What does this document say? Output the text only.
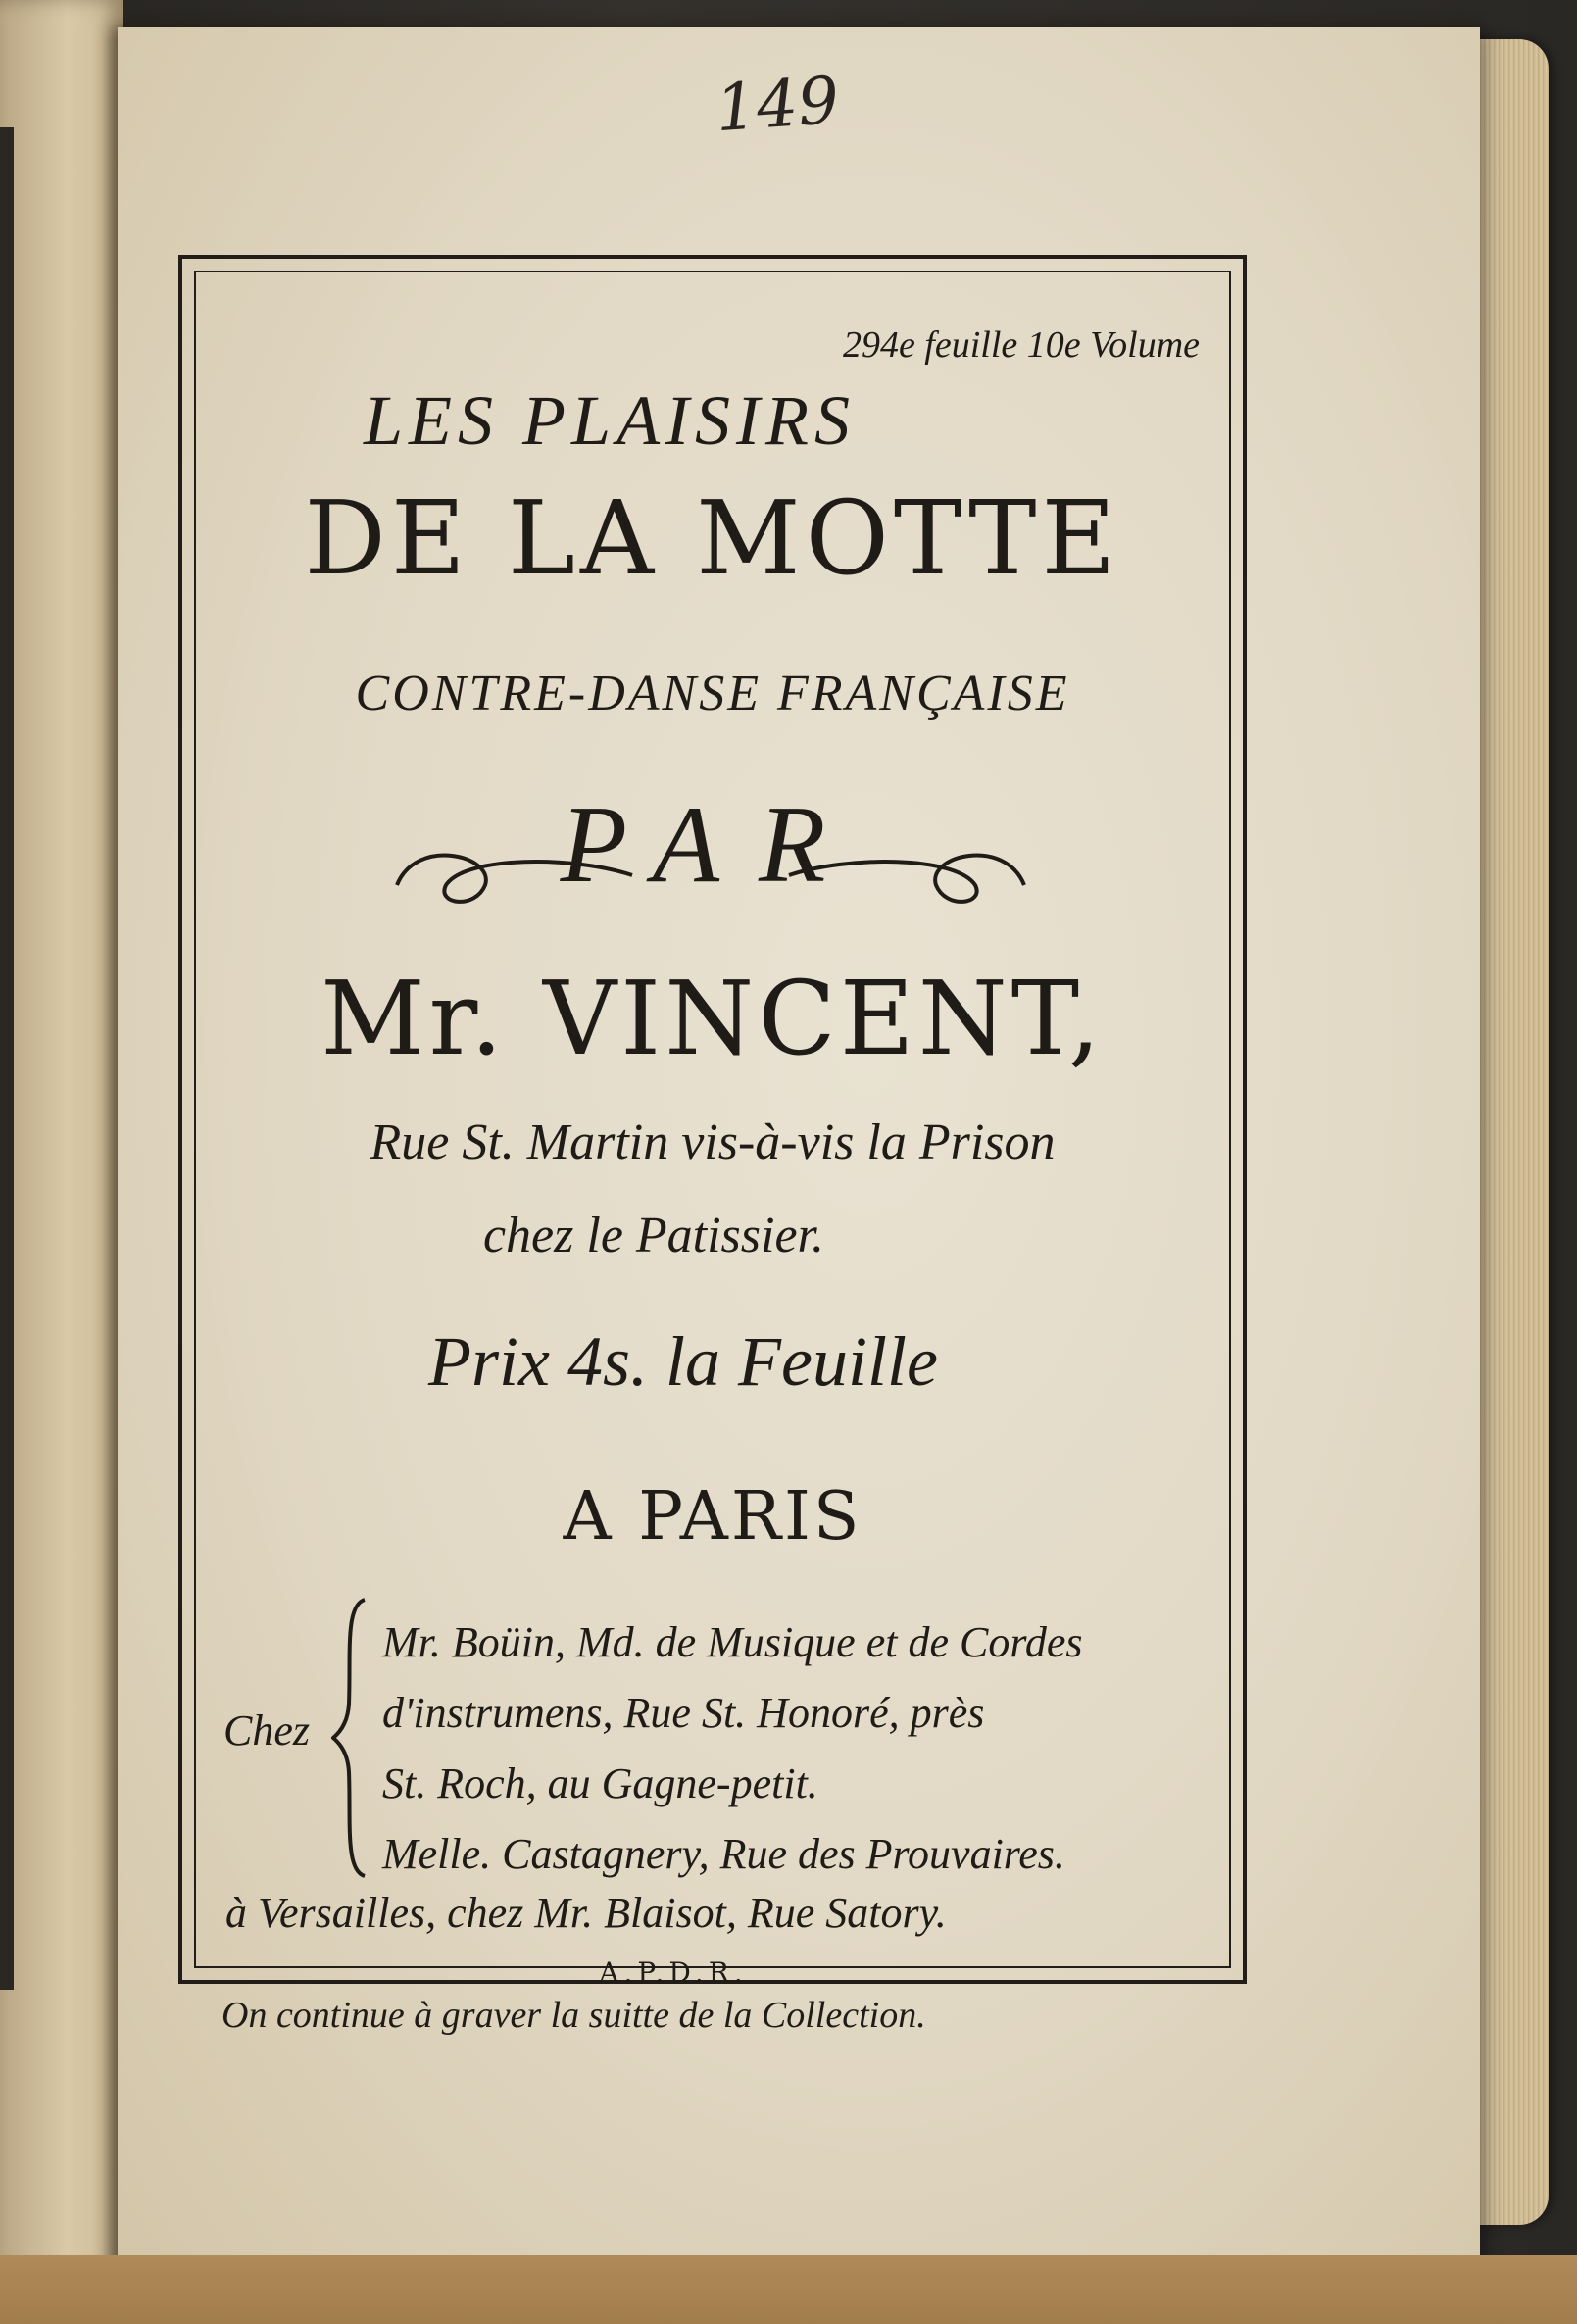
149

294e feuille 10e Volume

LES PLAISIRS

DE LA MOTTE

CONTRE-DANSE FRANÇAISE

PAR

Mr. VINCENT,

Rue St. Martin vis-à-vis la Prison

chez le Patissier.

Prix 4s. la Feuille

A PARIS

Chez

Mr. Boüin, Md. de Musique et de Cordes
d'instrumens, Rue St. Honoré, près
St. Roch, au Gagne-petit.
Melle. Castagnery, Rue des Prouvaires.

à Versailles, chez Mr. Blaisot, Rue Satory.

A.P.D.R.

On continue à graver la suitte de la Collection.
